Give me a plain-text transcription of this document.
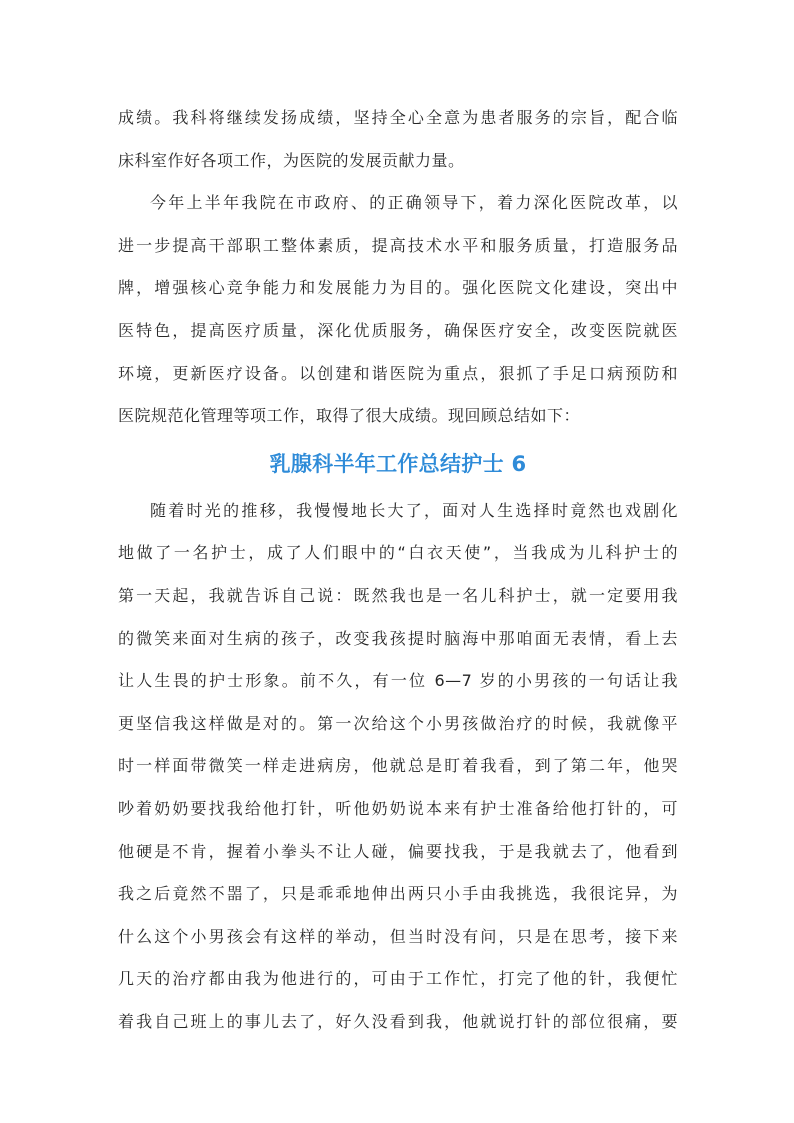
成绩。我科将继续发扬成绩，坚持全心全意为患者服务的宗旨，配合临
床科室作好各项工作，为医院的发展贡献力量。

今年上半年我院在市政府、的正确领导下，着力深化医院改革，以
进一步提高干部职工整体素质，提高技术水平和服务质量，打造服务品
牌，增强核心竞争能力和发展能力为目的。强化医院文化建设，突出中
医特色，提高医疗质量，深化优质服务，确保医疗安全，改变医院就医
环境，更新医疗设备。以创建和谐医院为重点，狠抓了手足口病预防和
医院规范化管理等项工作，取得了很大成绩。现回顾总结如下：

乳腺科半年工作总结护士 6

随着时光的推移，我慢慢地长大了，面对人生选择时竟然也戏剧化
地做了一名护士，成了人们眼中的“白衣天使”，当我成为儿科护士的
第一天起，我就告诉自己说：既然我也是一名儿科护士，就一定要用我
的微笑来面对生病的孩子，改变我孩提时脑海中那咱面无表情，看上去
让人生畏的护士形象。前不久，有一位 6—7 岁的小男孩的一句话让我
更坚信我这样做是对的。第一次给这个小男孩做治疗的时候，我就像平
时一样面带微笑一样走进病房，他就总是盯着我看，到了第二年，他哭
吵着奶奶要找我给他打针，听他奶奶说本来有护士准备给他打针的，可
他硬是不肯，握着小拳头不让人碰，偏要找我，于是我就去了，他看到
我之后竟然不噐了，只是乖乖地伸出两只小手由我挑选，我很诧异，为
什么这个小男孩会有这样的举动，但当时没有问，只是在思考，接下来
几天的治疗都由我为他进行的，可由于工作忙，打完了他的针，我便忙
着我自己班上的事儿去了，好久没看到我，他就说打针的部位很痛，要
